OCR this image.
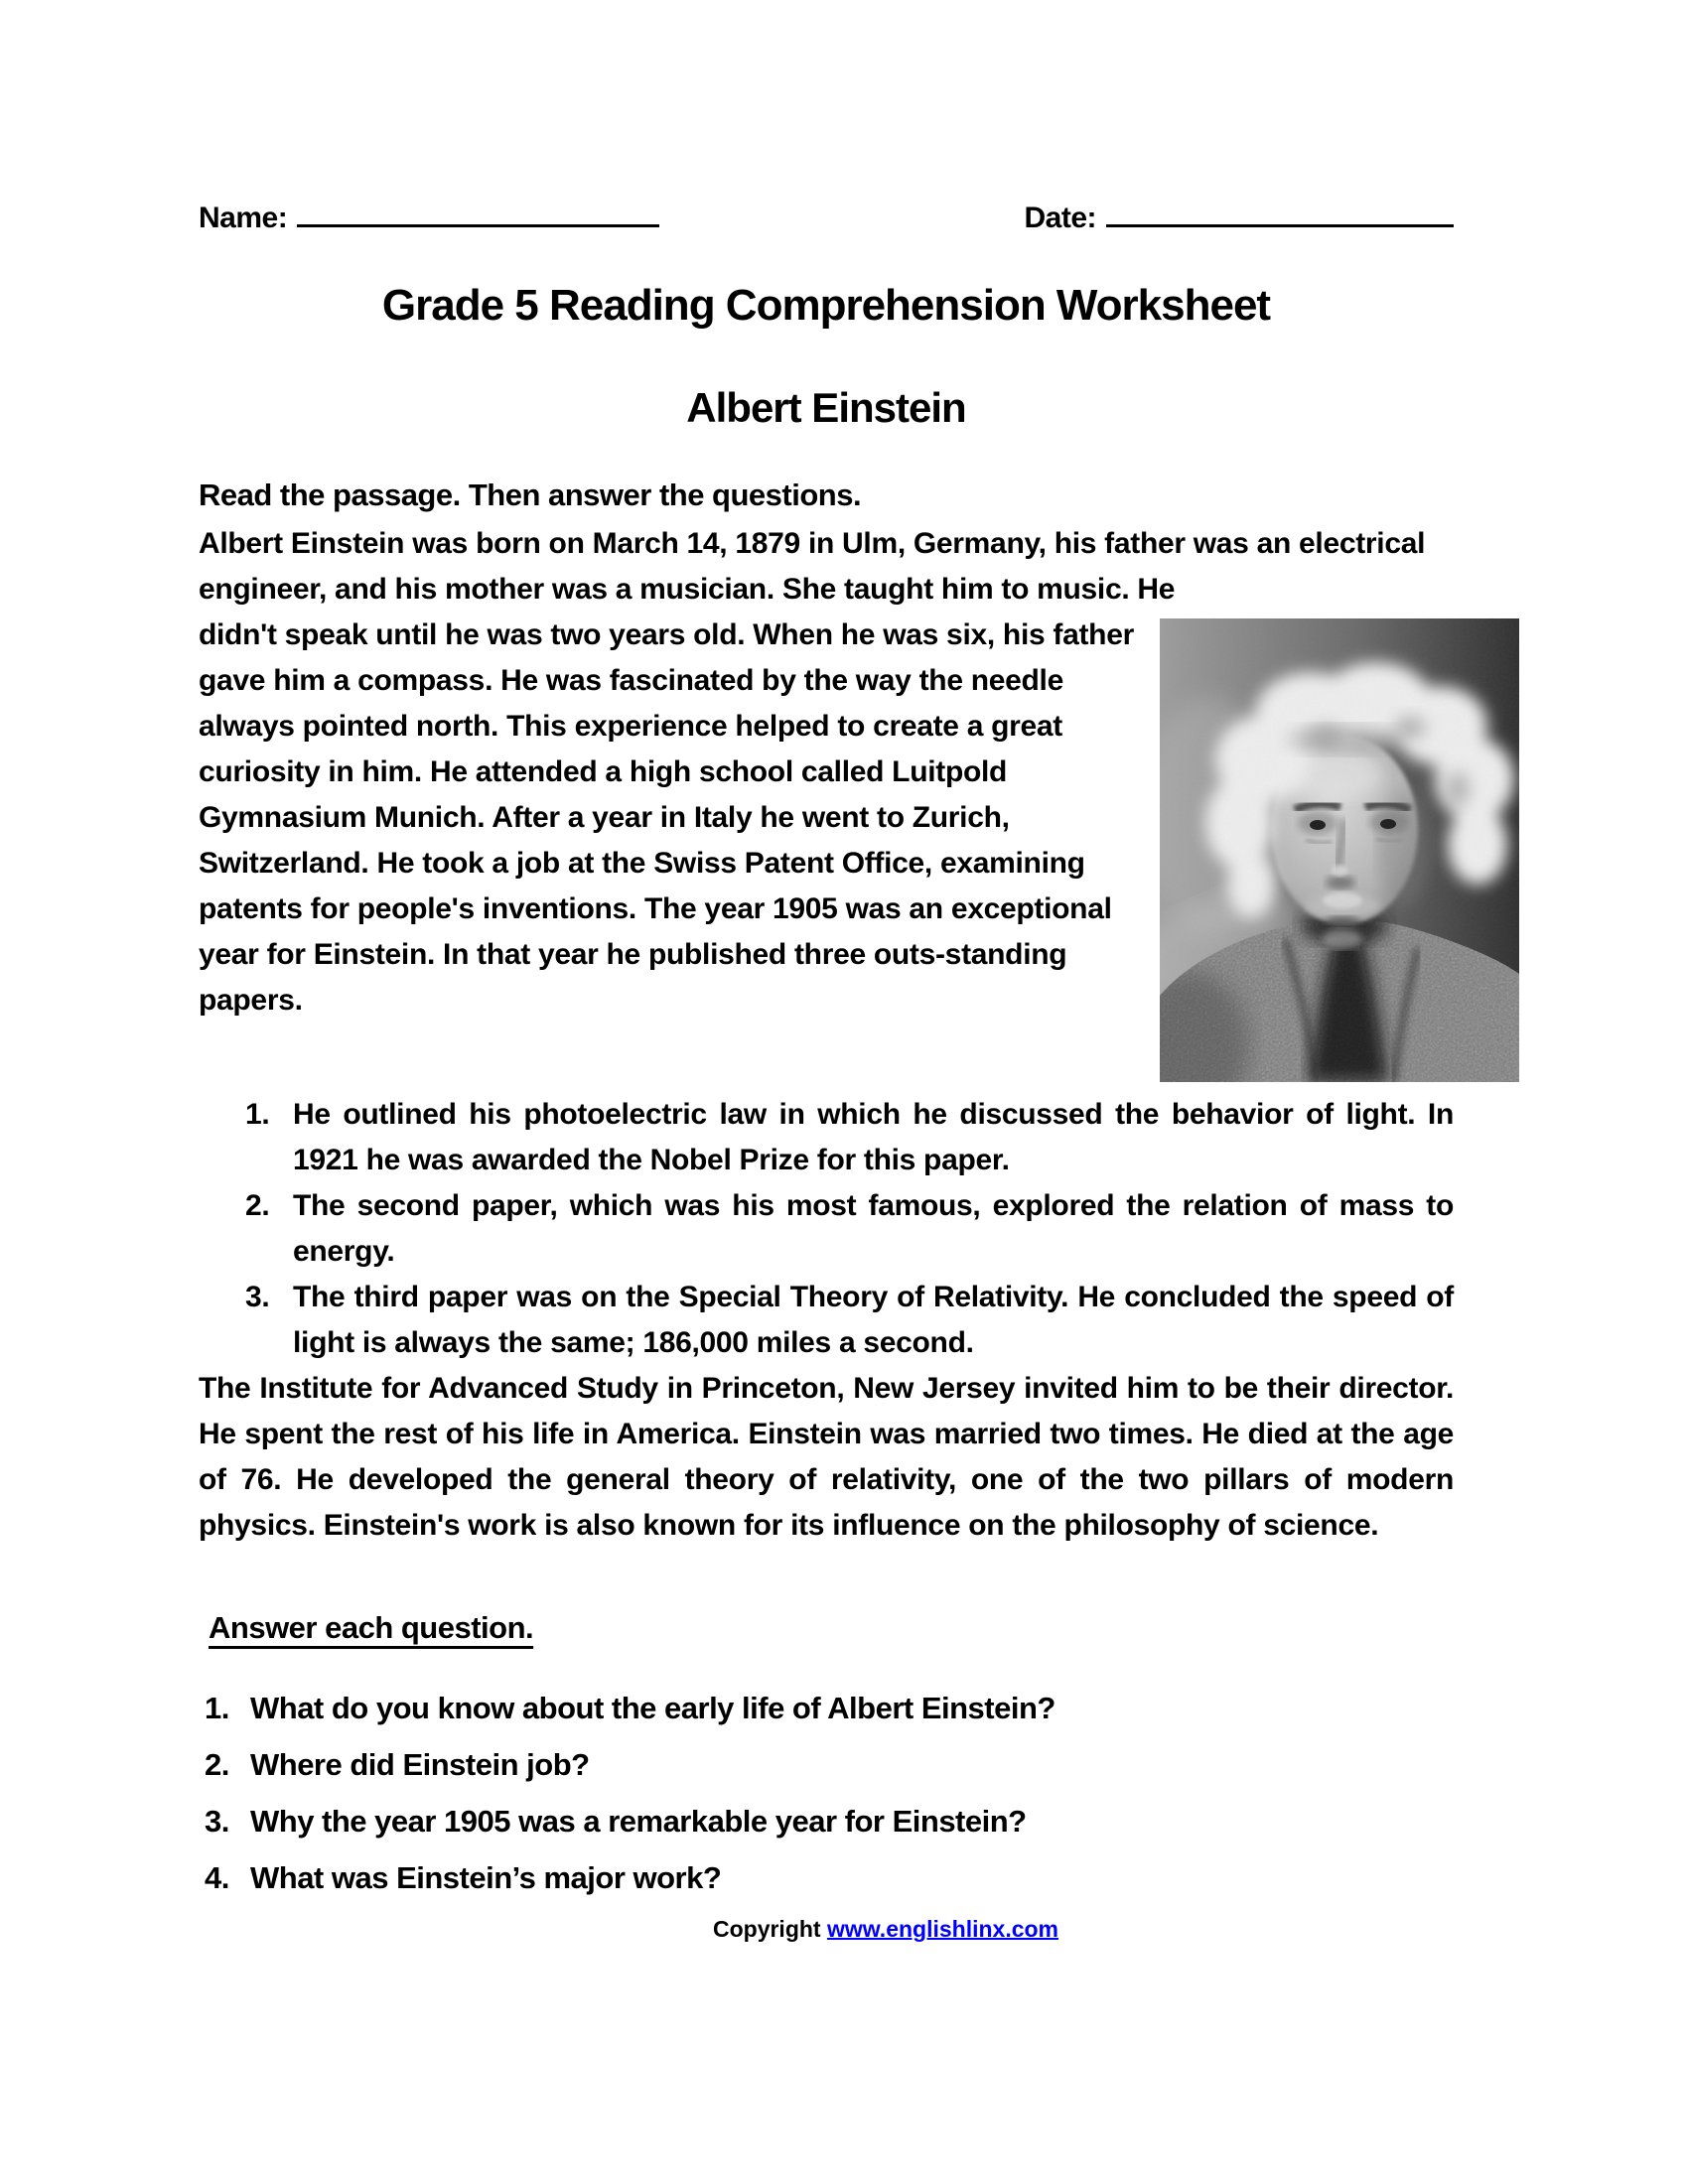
Name:	Date:
Grade 5 Reading Comprehension Worksheet
Albert Einstein
Read the passage. Then answer the questions.
Albert Einstein was born on March 14, 1879 in Ulm, Germany, his father was an electrical engineer, and his mother was a musician. She taught him to music. He
didn't speak until he was two years old. When he was six, his father gave him a compass. He was fascinated by the way the needle always pointed north. This experience helped to create a great curiosity in him. He attended a high school called Luitpold Gymnasium Munich. After a year in Italy he went to Zurich, Switzerland. He took a job at the Swiss Patent Office, examining patents for people's inventions. The year 1905 was an exceptional year for Einstein. In that year he published three outs-standing papers.
1. He outlined his photoelectric law in which he discussed the behavior of light. In 1921 he was awarded the Nobel Prize for this paper.
2. The second paper, which was his most famous, explored the relation of mass to energy.
3. The third paper was on the Special Theory of Relativity. He concluded the speed of light is always the same; 186,000 miles a second.
The Institute for Advanced Study in Princeton, New Jersey invited him to be their director. He spent the rest of his life in America. Einstein was married two times. He died at the age of 76. He developed the general theory of relativity, one of the two pillars of modern physics. Einstein's work is also known for its influence on the philosophy of science.
Answer each question.
1. What do you know about the early life of Albert Einstein?
2. Where did Einstein job?
3. Why the year 1905 was a remarkable year for Einstein?
4. What was Einstein’s major work?
Copyright www.englishlinx.com
